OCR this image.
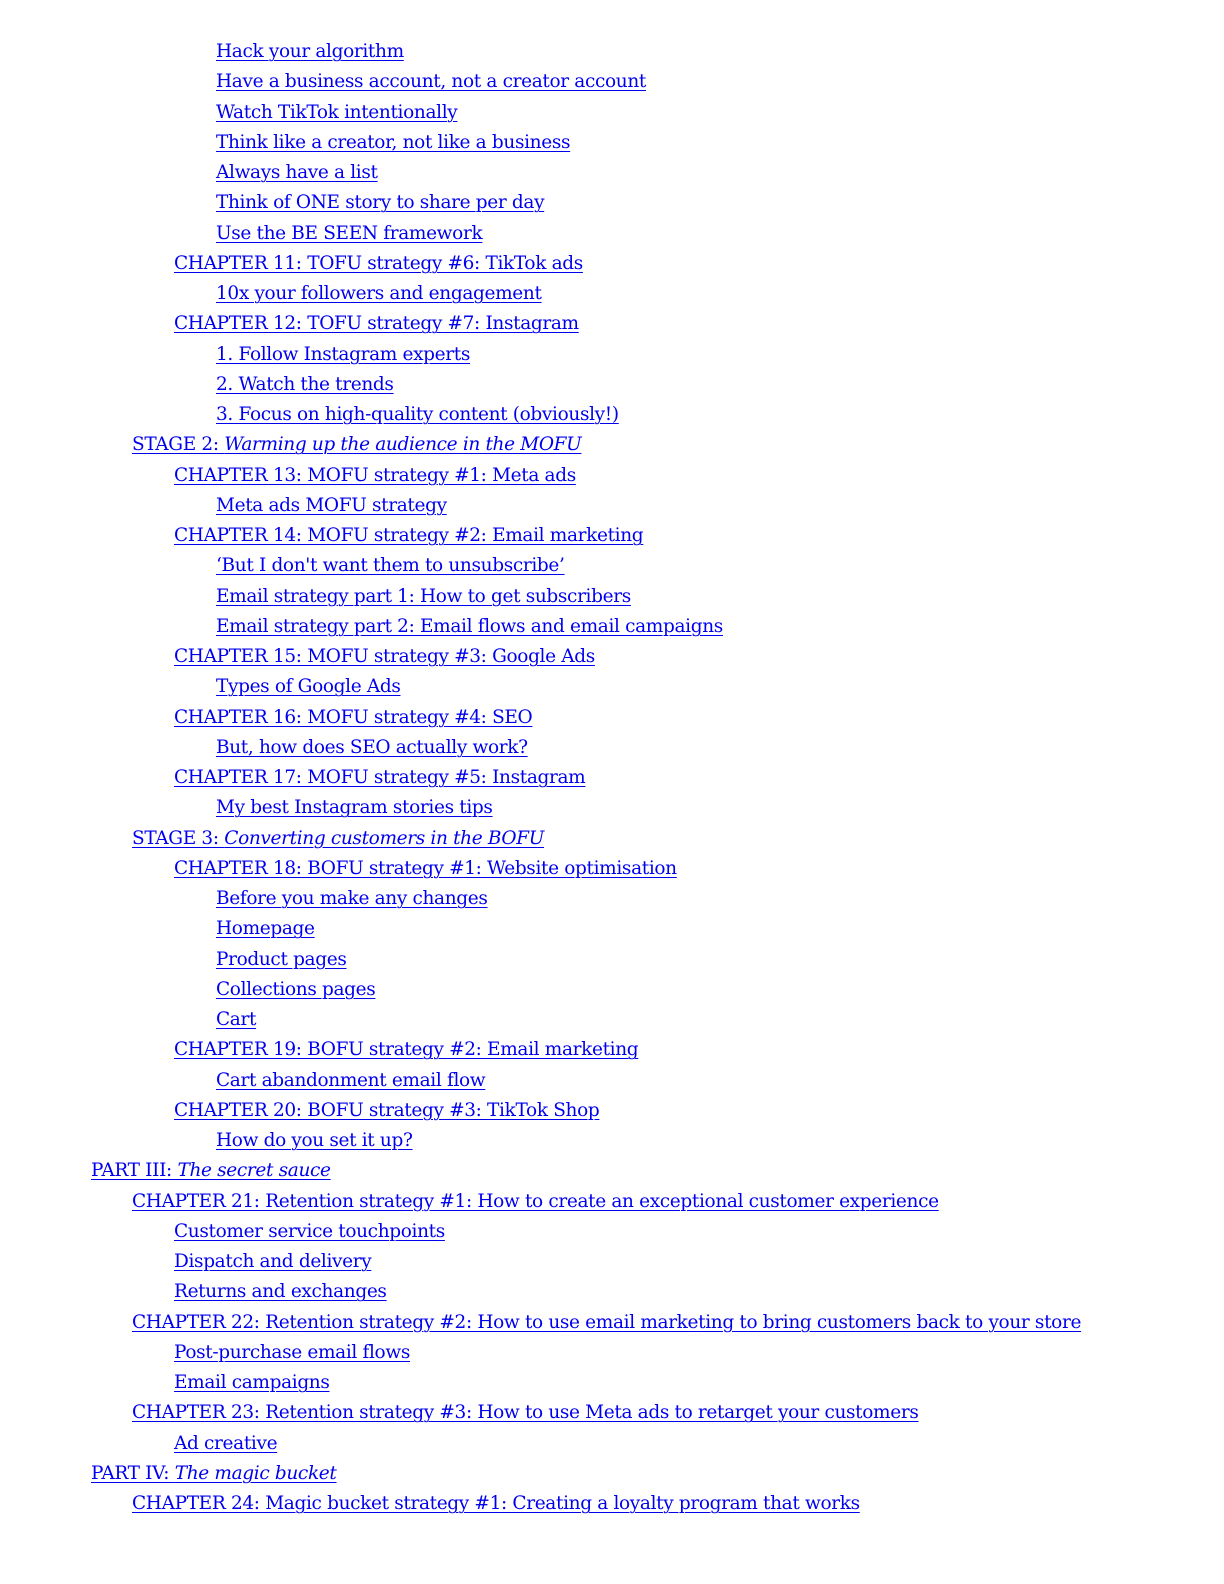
Hack your algorithm
Have a business account, not a creator account
Watch TikTok intentionally
Think like a creator, not like a business
Always have a list
Think of ONE story to share per day
Use the BE SEEN framework
CHAPTER 11: TOFU strategy #6: TikTok ads
10x your followers and engagement
CHAPTER 12: TOFU strategy #7: Instagram
1. Follow Instagram experts
2. Watch the trends
3. Focus on high-quality content (obviously!)
STAGE 2: Warming up the audience in the MOFU
CHAPTER 13: MOFU strategy #1: Meta ads
Meta ads MOFU strategy
CHAPTER 14: MOFU strategy #2: Email marketing
‘But I don't want them to unsubscribe’
Email strategy part 1: How to get subscribers
Email strategy part 2: Email flows and email campaigns
CHAPTER 15: MOFU strategy #3: Google Ads
Types of Google Ads
CHAPTER 16: MOFU strategy #4: SEO
But, how does SEO actually work?
CHAPTER 17: MOFU strategy #5: Instagram
My best Instagram stories tips
STAGE 3: Converting customers in the BOFU
CHAPTER 18: BOFU strategy #1: Website optimisation
Before you make any changes
Homepage
Product pages
Collections pages
Cart
CHAPTER 19: BOFU strategy #2: Email marketing
Cart abandonment email flow
CHAPTER 20: BOFU strategy #3: TikTok Shop
How do you set it up?
PART III: The secret sauce
CHAPTER 21: Retention strategy #1: How to create an exceptional customer experience
Customer service touchpoints
Dispatch and delivery
Returns and exchanges
CHAPTER 22: Retention strategy #2: How to use email marketing to bring customers back to your store
Post-purchase email flows
Email campaigns
CHAPTER 23: Retention strategy #3: How to use Meta ads to retarget your customers
Ad creative
PART IV: The magic bucket
CHAPTER 24: Magic bucket strategy #1: Creating a loyalty program that works
